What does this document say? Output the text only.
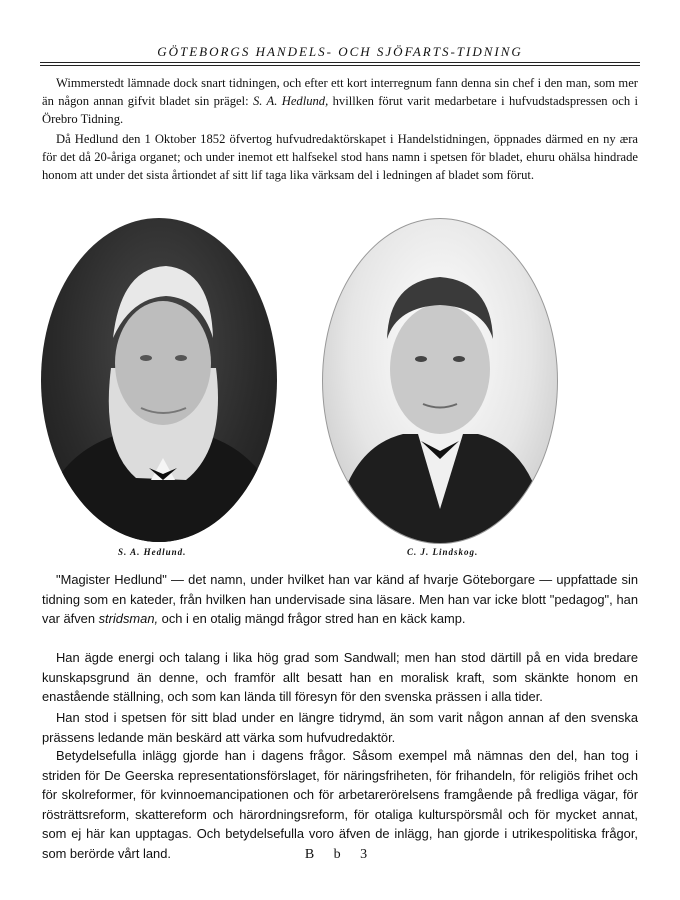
GÖTEBORGS HANDELS- OCH SJÖFARTS-TIDNING

Wimmerstedt lämnade dock snart tidningen, och efter ett kort interregnum fann denna sin chef i den man, som mer än någon annan gifvit bladet sin prägel: S. A. Hedlund, hvillken förut varit medarbetare i hufvudstadspressen och i Örebro Tidning.

Då Hedlund den 1 Oktober 1852 öfvertog hufvudredaktörskapet i Handelstidningen, öppnades därmed en ny æra för det då 20-åriga organet; och under inemot ett halfsekel stod hans namn i spetsen för bladet, ehuru ohälsa hindrade honom att under det sista årtiondet af sitt lif taga lika värksam del i ledningen af bladet som förut.

S. A. Hedlund.	C. J. Lindskog.

"Magister Hedlund" — det namn, under hvilket han var känd af hvarje Göteborgare — uppfattade sin tidning som en kateder, från hvilken han undervisade sina läsare. Men han var icke blott "pedagog", han var äfven stridsman, och i en otalig mängd frågor stred han en käck kamp.

Han ägde energi och talang i lika hög grad som Sandwall; men han stod därtill på en vida bredare kunskapsgrund än denne, och framför allt besatt han en moralisk kraft, som skänkte honom en enastående ställning, och som kan lända till föresyn för den svenska prässen i alla tider.

Han stod i spetsen för sitt blad under en längre tidrymd, än som varit någon annan af den svenska prässens ledande män beskärd att värka som hufvudredaktör.

Betydelsefulla inlägg gjorde han i dagens frågor. Såsom exempel må nämnas den del, han tog i striden för De Geerska representationsförslaget, för näringsfriheten, för frihandeln, för religiös frihet och för skolreformer, för kvinnoemancipationen och för arbetarerörelsens framgående på fredliga vägar, för rösträttsreform, skattereform och härordningsreform, för otaliga kulturspörsmål och för mycket annat, som ej här kan upptagas. Och betydelsefulla voro äfven de inlägg, han gjorde i utrikespolitiska frågor, som berörde vårt land.	B b 3
